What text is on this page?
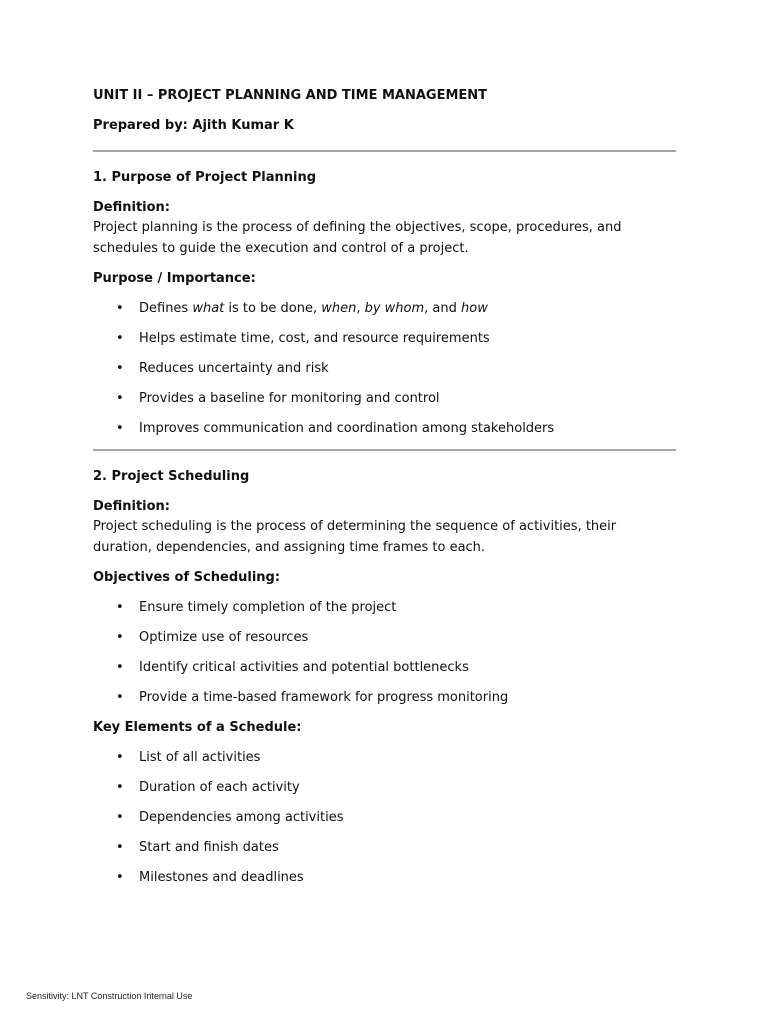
UNIT II – PROJECT PLANNING AND TIME MANAGEMENT
Prepared by: Ajith Kumar K
1. Purpose of Project Planning
Definition:
Project planning is the process of defining the objectives, scope, procedures, and schedules to guide the execution and control of a project.
Purpose / Importance:
• Defines what is to be done, when, by whom, and how
• Helps estimate time, cost, and resource requirements
• Reduces uncertainty and risk
• Provides a baseline for monitoring and control
• Improves communication and coordination among stakeholders
2. Project Scheduling
Definition:
Project scheduling is the process of determining the sequence of activities, their duration, dependencies, and assigning time frames to each.
Objectives of Scheduling:
• Ensure timely completion of the project
• Optimize use of resources
• Identify critical activities and potential bottlenecks
• Provide a time-based framework for progress monitoring
Key Elements of a Schedule:
• List of all activities
• Duration of each activity
• Dependencies among activities
• Start and finish dates
• Milestones and deadlines
Sensitivity: LNT Construction Internal Use
